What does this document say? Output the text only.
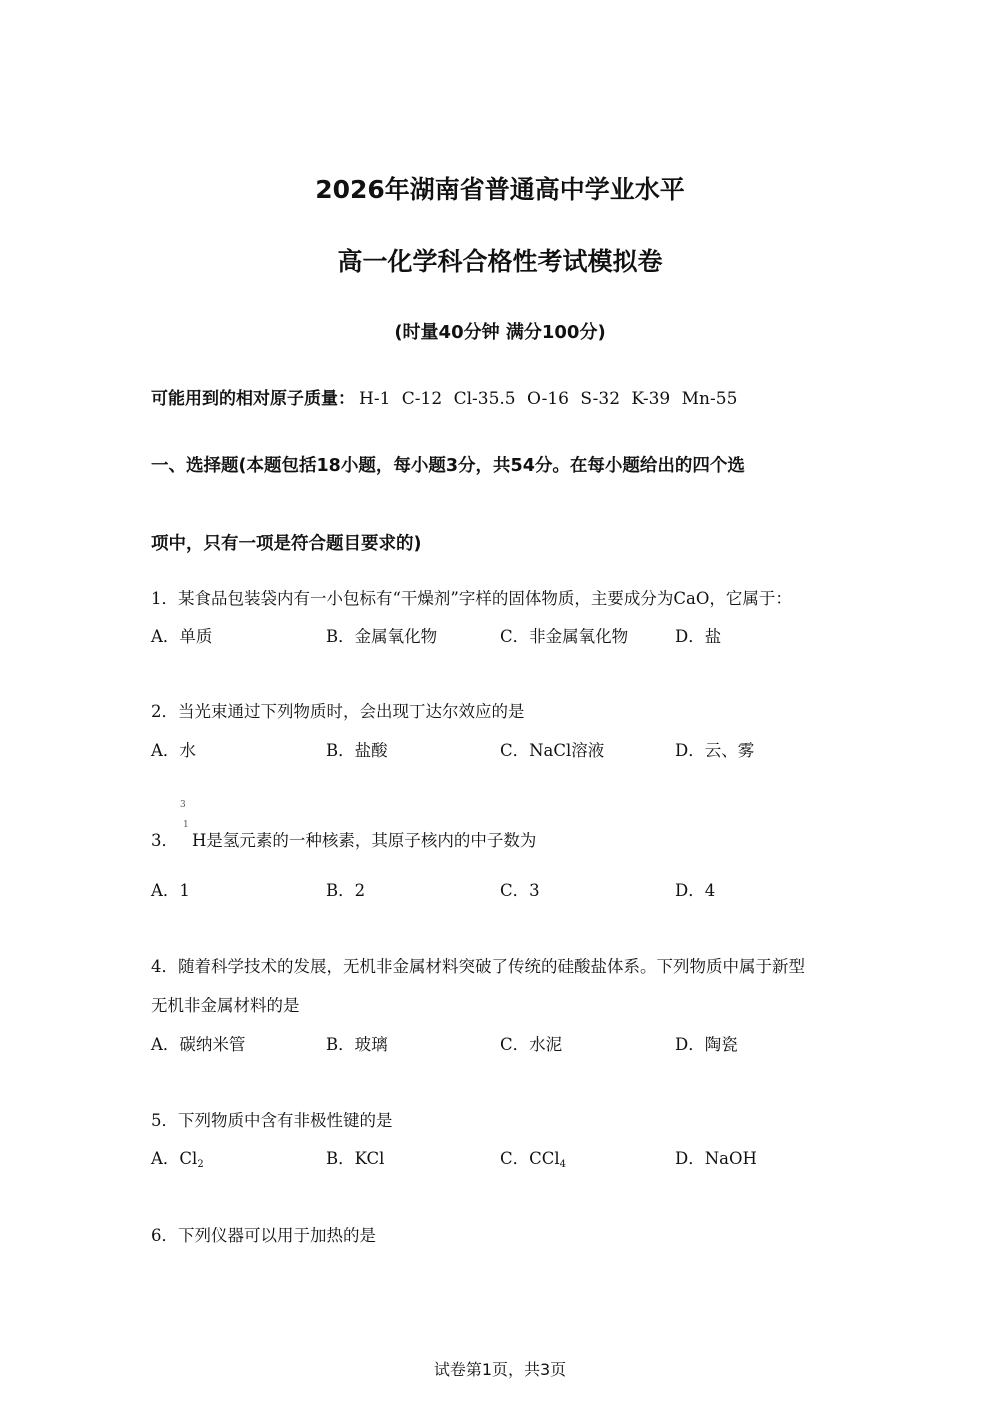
2026年湖南省普通高中学业水平
高一化学科合格性考试模拟卷
(时量40分钟 满分100分)
可能用到的相对原子质量： H-1 C-12 Cl-35.5 O-16 S-32 K-39 Mn-55
一、选择题(本题包括18小题，每小题3分，共54分。在每小题给出的四个选
项中，只有一项是符合题目要求的)
1．某食品包装袋内有一小包标有“干燥剂”字样的固体物质，主要成分为CaO，它属于：
A．单质	B．金属氧化物	C．非金属氧化物	D．盐
2．当光束通过下列物质时，会出现丁达尔效应的是
A．水	B．盐酸	C．NaCl溶液	D．云、雾
3．
3
1
H是氢元素的一种核素，其原子核内的中子数为
A．1	B．2	C．3	D．4
4．随着科学技术的发展，无机非金属材料突破了传统的硅酸盐体系。下列物质中属于新型
无机非金属材料的是
A．碳纳米管	B．玻璃	C．水泥	D．陶瓷
5．下列物质中含有非极性键的是
A．$Cl_2$	B．KCl	C．CCl$_4$	D．NaOH
6．下列仪器可以用于加热的是
试卷第1页，共3页
